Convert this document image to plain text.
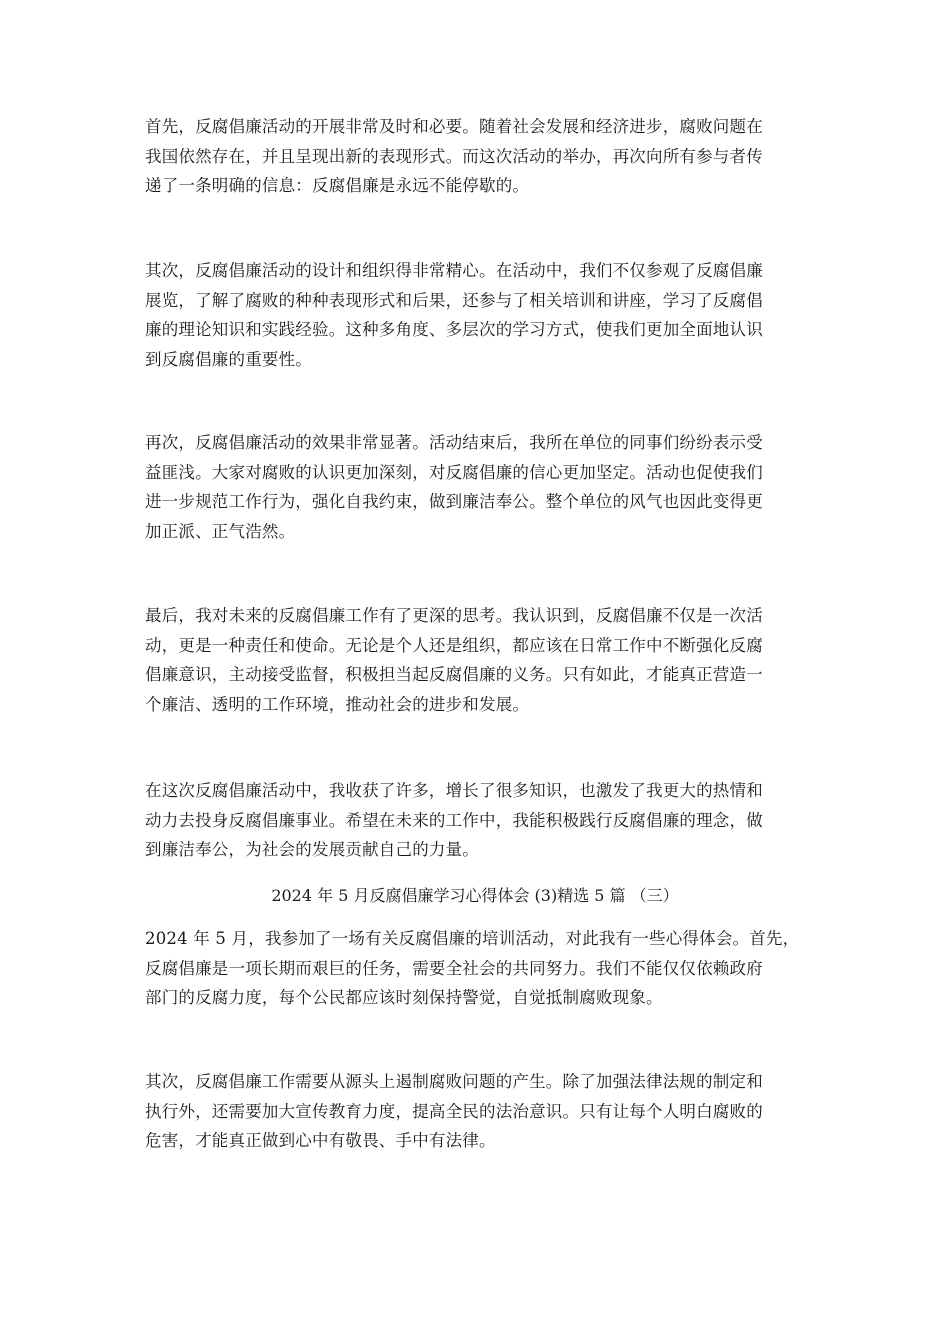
首先，反腐倡廉活动的开展非常及时和必要。随着社会发展和经济进步，腐败问题在
我国依然存在，并且呈现出新的表现形式。而这次活动的举办，再次向所有参与者传
递了一条明确的信息：反腐倡廉是永远不能停歇的。
其次，反腐倡廉活动的设计和组织得非常精心。在活动中，我们不仅参观了反腐倡廉
展览，了解了腐败的种种表现形式和后果，还参与了相关培训和讲座，学习了反腐倡
廉的理论知识和实践经验。这种多角度、多层次的学习方式，使我们更加全面地认识
到反腐倡廉的重要性。
再次，反腐倡廉活动的效果非常显著。活动结束后，我所在单位的同事们纷纷表示受
益匪浅。大家对腐败的认识更加深刻，对反腐倡廉的信心更加坚定。活动也促使我们
进一步规范工作行为，强化自我约束，做到廉洁奉公。整个单位的风气也因此变得更
加正派、正气浩然。
最后，我对未来的反腐倡廉工作有了更深的思考。我认识到，反腐倡廉不仅是一次活
动，更是一种责任和使命。无论是个人还是组织，都应该在日常工作中不断强化反腐
倡廉意识，主动接受监督，积极担当起反腐倡廉的义务。只有如此，才能真正营造一
个廉洁、透明的工作环境，推动社会的进步和发展。
在这次反腐倡廉活动中，我收获了许多，增长了很多知识，也激发了我更大的热情和
动力去投身反腐倡廉事业。希望在未来的工作中，我能积极践行反腐倡廉的理念，做
到廉洁奉公，为社会的发展贡献自己的力量。
2024 年 5 月反腐倡廉学习心得体会 (3)精选 5 篇 （三）
2024 年 5 月，我参加了一场有关反腐倡廉的培训活动，对此我有一些心得体会。首先，
反腐倡廉是一项长期而艰巨的任务，需要全社会的共同努力。我们不能仅仅依赖政府
部门的反腐力度，每个公民都应该时刻保持警觉，自觉抵制腐败现象。
其次，反腐倡廉工作需要从源头上遏制腐败问题的产生。除了加强法律法规的制定和
执行外，还需要加大宣传教育力度，提高全民的法治意识。只有让每个人明白腐败的
危害，才能真正做到心中有敬畏、手中有法律。
